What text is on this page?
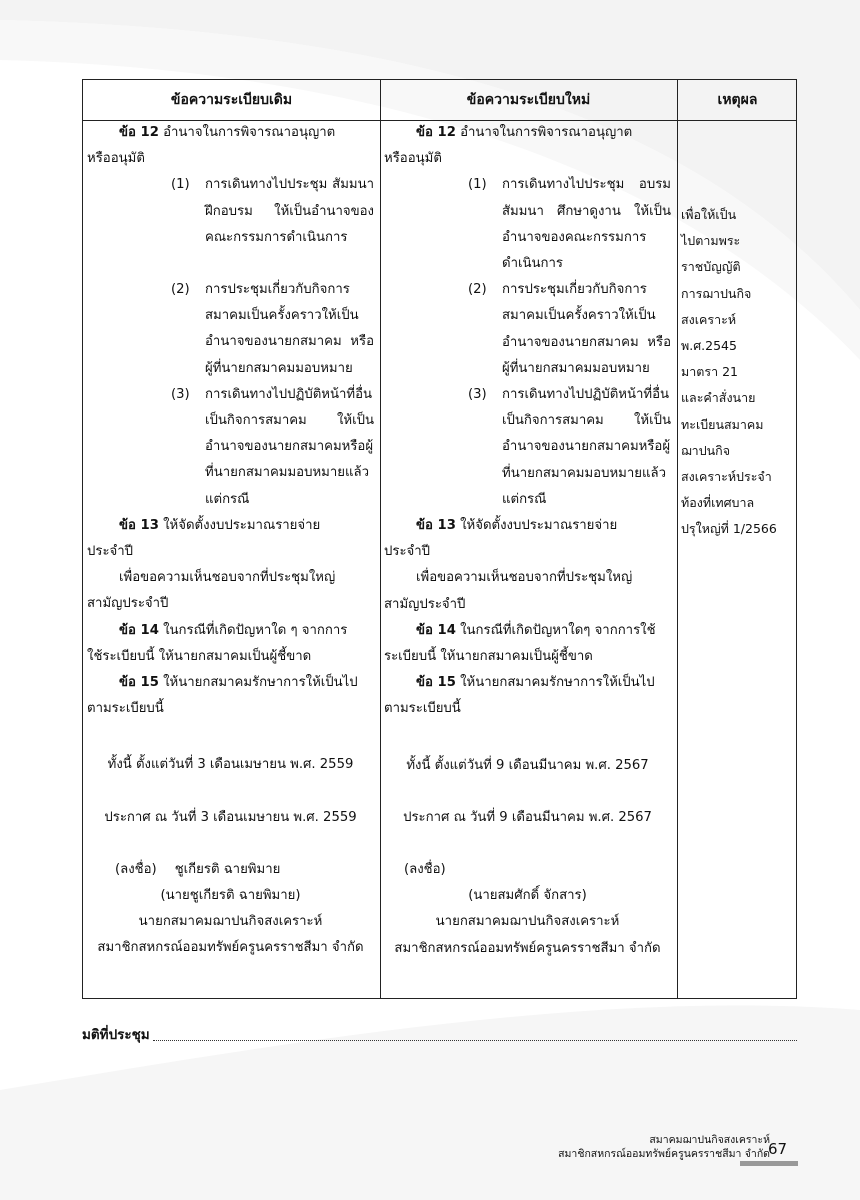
ข้อความระเบียบเดิม	ข้อความระเบียบใหม่	เหตุผล

ข้อ 12 อำนาจในการพิจารณาอนุญาต

หรืออนุมัติ

(1) การเดินทางไปประชุม สัมมนา ฝึกอบรม ให้เป็นอำนาจของคณะกรรมการดำเนินการ

(2) การประชุมเกี่ยวกับกิจการสมาคมเป็นครั้งคราวให้เป็นอำนาจของนายกสมาคม หรือผู้ที่นายกสมาคมมอบหมาย

(3) การเดินทางไปปฏิบัติหน้าที่อื่นเป็นกิจการสมาคม ให้เป็นอำนาจของนายกสมาคมหรือผู้ที่นายกสมาคมมอบหมายแล้วแต่กรณี

ข้อ 13 ให้จัดตั้งงบประมาณรายจ่าย

ประจำปี

เพื่อขอความเห็นชอบจากที่ประชุมใหญ่

สามัญประจำปี

ข้อ 14 ในกรณีที่เกิดปัญหาใด ๆ จากการ

ใช้ระเบียบนี้ ให้นายกสมาคมเป็นผู้ชี้ขาด

ข้อ 15 ให้นายกสมาคมรักษาการให้เป็นไป

ตามระเบียบนี้

ทั้งนี้ ตั้งแต่วันที่ 3 เดือนเมษายน พ.ศ. 2559

ประกาศ ณ วันที่ 3 เดือนเมษายน พ.ศ. 2559

(ลงชื่อ) ชูเกียรติ ฉายพิมาย

(นายชูเกียรติ ฉายพิมาย)

นายกสมาคมฌาปนกิจสงเคราะห์

สมาชิกสหกรณ์ออมทรัพย์ครูนครราชสีมา จำกัด

ข้อ 12 อำนาจในการพิจารณาอนุญาต

หรืออนุมัติ

(1) การเดินทางไปประชุม อบรม สัมมนา ศึกษาดูงาน ให้เป็นอำนาจของคณะกรรมการดำเนินการ

(2) การประชุมเกี่ยวกับกิจการสมาคมเป็นครั้งคราวให้เป็นอำนาจของนายกสมาคม หรือผู้ที่นายกสมาคมมอบหมาย

(3) การเดินทางไปปฏิบัติหน้าที่อื่นเป็นกิจการสมาคม ให้เป็นอำนาจของนายกสมาคมหรือผู้ที่นายกสมาคมมอบหมายแล้วแต่กรณี

ข้อ 13 ให้จัดตั้งงบประมาณรายจ่าย

ประจำปี

เพื่อขอความเห็นชอบจากที่ประชุมใหญ่

สามัญประจำปี

ข้อ 14 ในกรณีที่เกิดปัญหาใดๆ จากการใช้

ระเบียบนี้ ให้นายกสมาคมเป็นผู้ชี้ขาด

ข้อ 15 ให้นายกสมาคมรักษาการให้เป็นไป

ตามระเบียบนี้

ทั้งนี้ ตั้งแต่วันที่ 9 เดือนมีนาคม พ.ศ. 2567

ประกาศ ณ วันที่ 9 เดือนมีนาคม พ.ศ. 2567

(ลงชื่อ)

(นายสมศักดิ์ จักสาร)

นายกสมาคมฌาปนกิจสงเคราะห์

สมาชิกสหกรณ์ออมทรัพย์ครูนครราชสีมา จำกัด

เพื่อให้เป็น

ไปตามพระ

ราชบัญญัติ

การฌาปนกิจ

สงเคราะห์

พ.ศ.2545

มาตรา 21

และคำสั่งนาย

ทะเบียนสมาคม

ฌาปนกิจ

สงเคราะห์ประจำ

ท้องที่เทศบาล

ปรุใหญ่ที่ 1/2566

มติที่ประชุม
สมาคมฌาปนกิจสงเคราะห์
สมาชิกสหกรณ์ออมทรัพย์ครูนครราชสีมา จำกัด
67
